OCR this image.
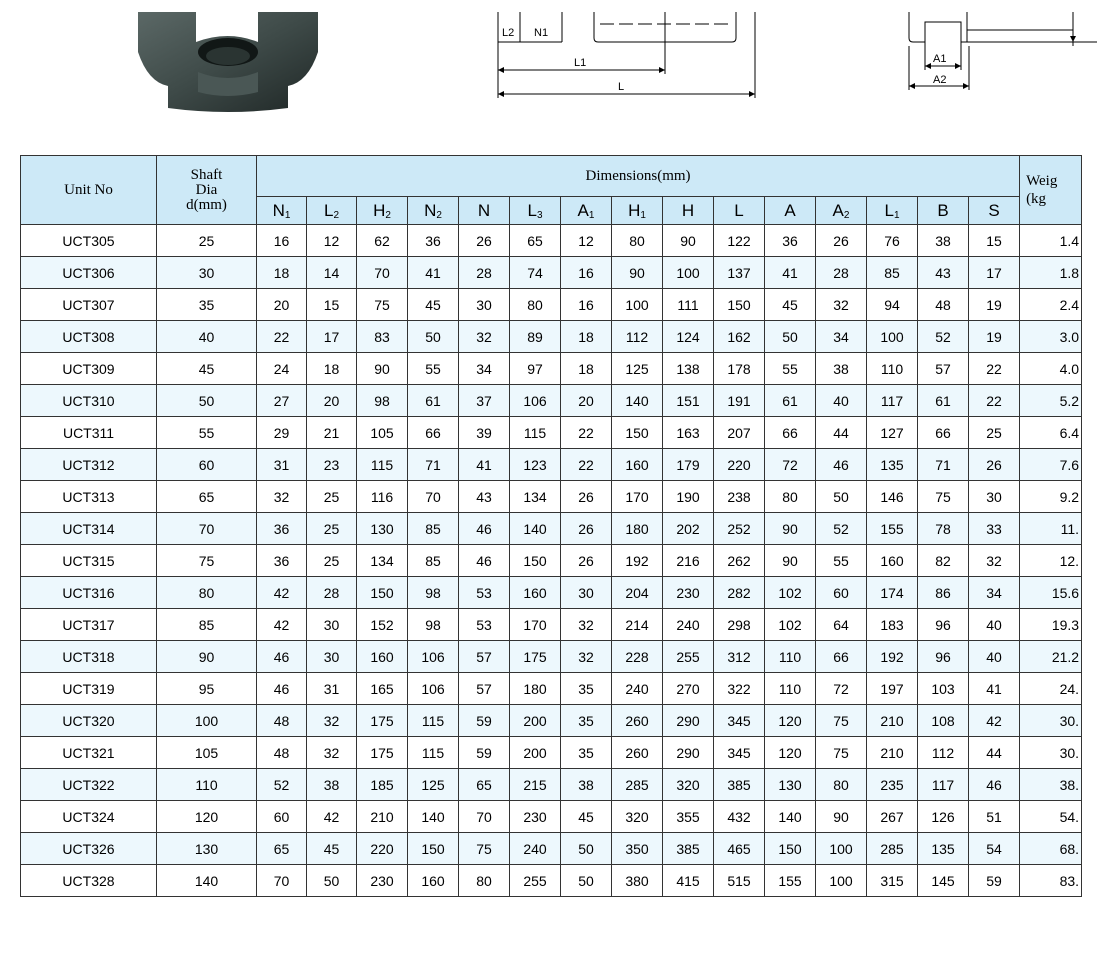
L2 N1
L1
L
A1
A2
Unit No	Shaft
Dia
d(mm)	Dimensions(mm)															Weig
(kg
		$N_1$	$L_2$	$H_2$	$N_2$	N	$L_3$	$A_1$	$H_1$	H	L	A	$A_2$	$L_1$	B	S	
UCT305	25	16	12	62	36	26	65	12	80	90	122	36	26	76	38	15	1.4
UCT306	30	18	14	70	41	28	74	16	90	100	137	41	28	85	43	17	1.8
UCT307	35	20	15	75	45	30	80	16	100	111	150	45	32	94	48	19	2.4
UCT308	40	22	17	83	50	32	89	18	112	124	162	50	34	100	52	19	3.0
UCT309	45	24	18	90	55	34	97	18	125	138	178	55	38	110	57	22	4.0
UCT310	50	27	20	98	61	37	106	20	140	151	191	61	40	117	61	22	5.2
UCT311	55	29	21	105	66	39	115	22	150	163	207	66	44	127	66	25	6.4
UCT312	60	31	23	115	71	41	123	22	160	179	220	72	46	135	71	26	7.6
UCT313	65	32	25	116	70	43	134	26	170	190	238	80	50	146	75	30	9.2
UCT314	70	36	25	130	85	46	140	26	180	202	252	90	52	155	78	33	11.
UCT315	75	36	25	134	85	46	150	26	192	216	262	90	55	160	82	32	12.
UCT316	80	42	28	150	98	53	160	30	204	230	282	102	60	174	86	34	15.6
UCT317	85	42	30	152	98	53	170	32	214	240	298	102	64	183	96	40	19.3
UCT318	90	46	30	160	106	57	175	32	228	255	312	110	66	192	96	40	21.2
UCT319	95	46	31	165	106	57	180	35	240	270	322	110	72	197	103	41	24.
UCT320	100	48	32	175	115	59	200	35	260	290	345	120	75	210	108	42	30.
UCT321	105	48	32	175	115	59	200	35	260	290	345	120	75	210	112	44	30.
UCT322	110	52	38	185	125	65	215	38	285	320	385	130	80	235	117	46	38.
UCT324	120	60	42	210	140	70	230	45	320	355	432	140	90	267	126	51	54.
UCT326	130	65	45	220	150	75	240	50	350	385	465	150	100	285	135	54	68.
UCT328	140	70	50	230	160	80	255	50	380	415	515	155	100	315	145	59	83.
